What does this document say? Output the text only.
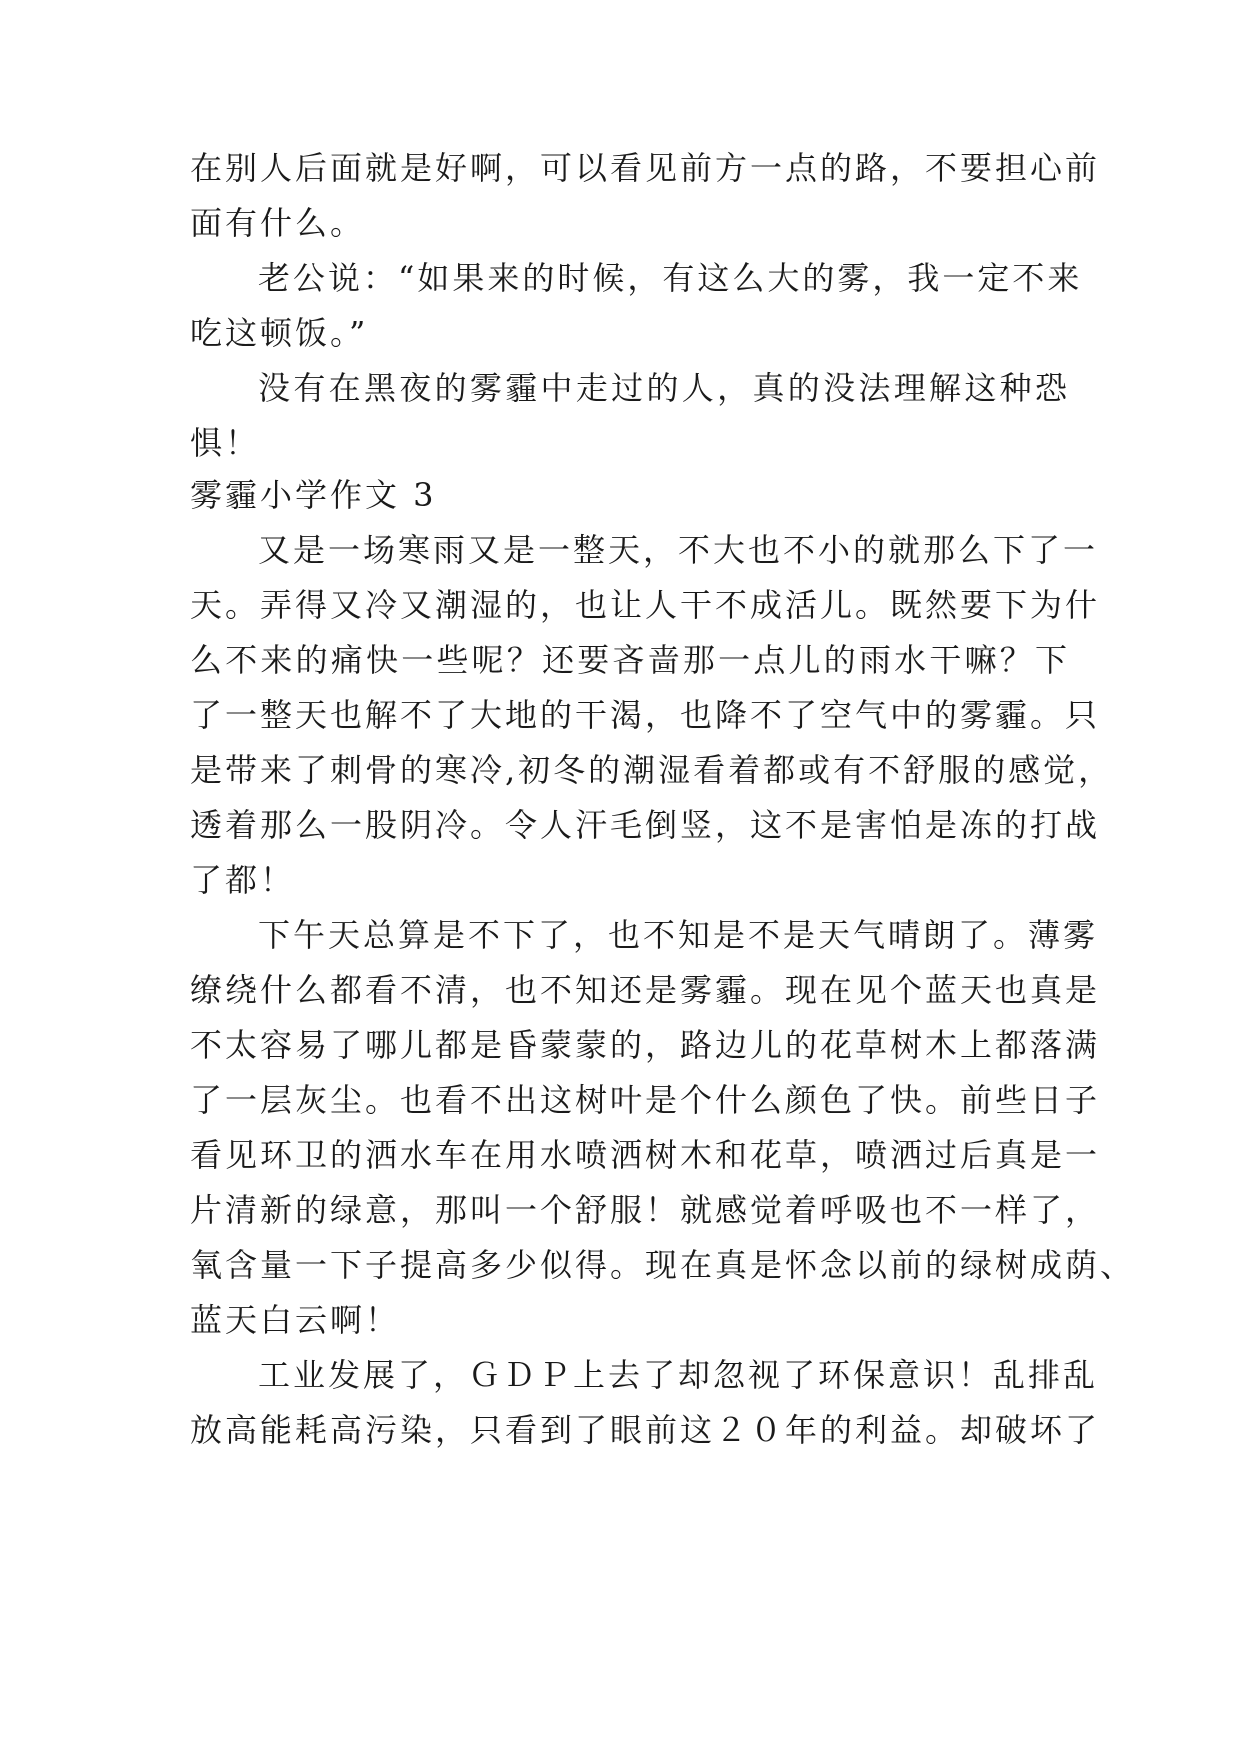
在别人后面就是好啊，可以看见前方一点的路，不要担心前
面有什么。
老公说：“如果来的时候，有这么大的雾，我一定不来
吃这顿饭。”
没有在黑夜的雾霾中走过的人，真的没法理解这种恐
惧！
雾霾小学作文 3
又是一场寒雨又是一整天，不大也不小的就那么下了一
天。弄得又冷又潮湿的，也让人干不成活儿。既然要下为什
么不来的痛快一些呢？还要吝啬那一点儿的雨水干嘛？下
了一整天也解不了大地的干渴，也降不了空气中的雾霾。只
是带来了刺骨的寒冷,初冬的潮湿看着都或有不舒服的感觉，
透着那么一股阴冷。令人汗毛倒竖，这不是害怕是冻的打战
了都！
下午天总算是不下了，也不知是不是天气晴朗了。薄雾
缭绕什么都看不清，也不知还是雾霾。现在见个蓝天也真是
不太容易了哪儿都是昏蒙蒙的，路边儿的花草树木上都落满
了一层灰尘。也看不出这树叶是个什么颜色了快。前些日子
看见环卫的洒水车在用水喷洒树木和花草，喷洒过后真是一
片清新的绿意，那叫一个舒服！就感觉着呼吸也不一样了，
氧含量一下子提高多少似得。现在真是怀念以前的绿树成荫、
蓝天白云啊！
工业发展了，ＧＤＰ上去了却忽视了环保意识！乱排乱
放高能耗高污染，只看到了眼前这２０年的利益。却破坏了
